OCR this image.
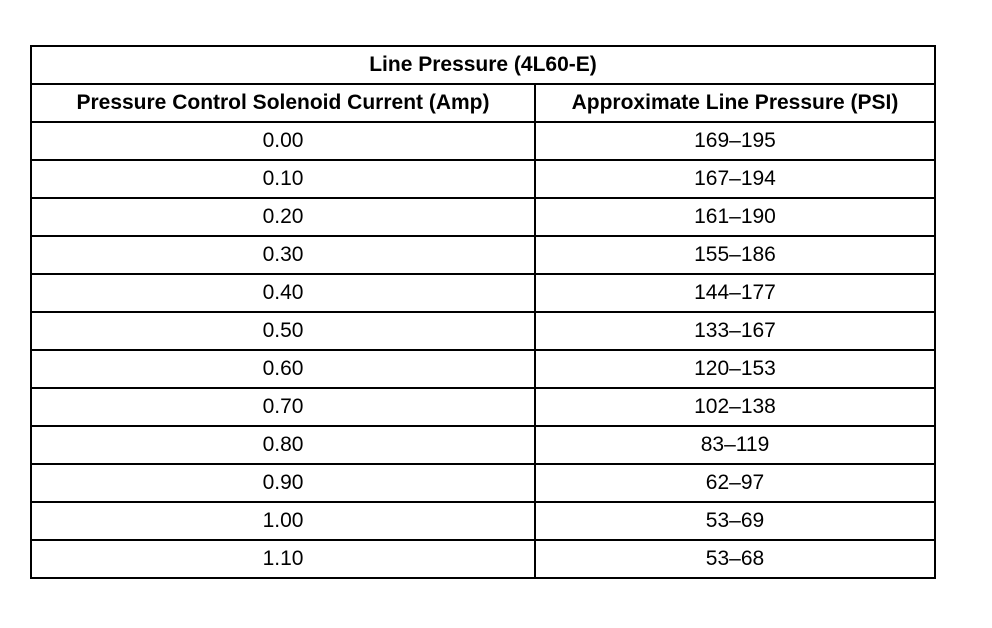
Line Pressure (4L60-E)	
Pressure Control Solenoid Current (Amp)	Approximate Line Pressure (PSI)
0.00	169–195
0.10	167–194
0.20	161–190
0.30	155–186
0.40	144–177
0.50	133–167
0.60	120–153
0.70	102–138
0.80	83–119
0.90	62–97
1.00	53–69
1.10	53–68
